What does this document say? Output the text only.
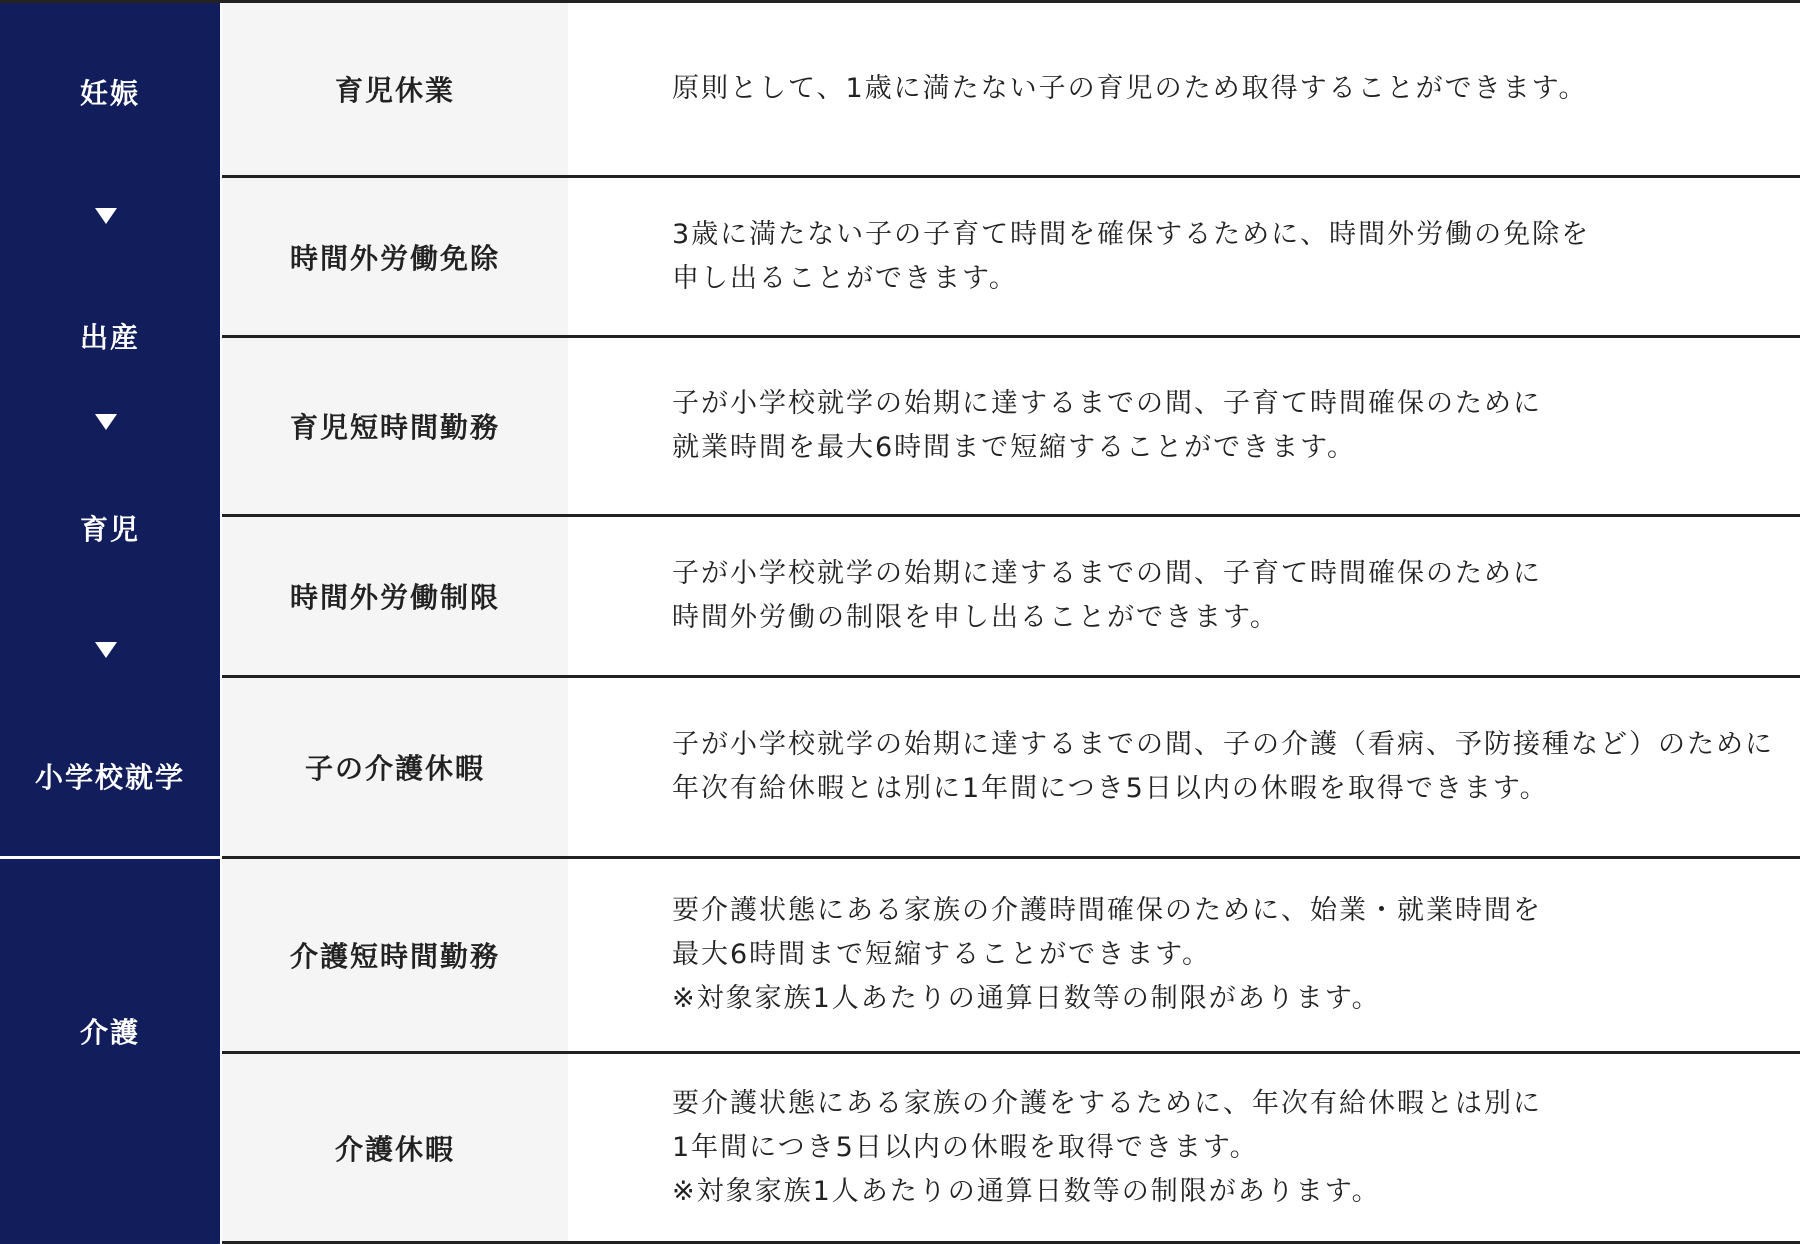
妊娠
出産
育児
小学校就学
介護
育児休業	原則として、1歳に満たない子の育児のため取得することができます。
時間外労働免除
3歳に満たない子の子育て時間を確保するために、時間外労働の免除を
申し出ることができます。
育児短時間勤務
子が小学校就学の始期に達するまでの間、子育て時間確保のために
就業時間を最大6時間まで短縮することができます。
時間外労働制限
子が小学校就学の始期に達するまでの間、子育て時間確保のために
時間外労働の制限を申し出ることができます。
子の介護休暇
子が小学校就学の始期に達するまでの間、子の介護（看病、予防接種など）のために
年次有給休暇とは別に1年間につき5日以内の休暇を取得できます。
介護短時間勤務
要介護状態にある家族の介護時間確保のために、始業・就業時間を
最大6時間まで短縮することができます。
※対象家族1人あたりの通算日数等の制限があります。
介護休暇
要介護状態にある家族の介護をするために、年次有給休暇とは別に
1年間につき5日以内の休暇を取得できます。
※対象家族1人あたりの通算日数等の制限があります。
